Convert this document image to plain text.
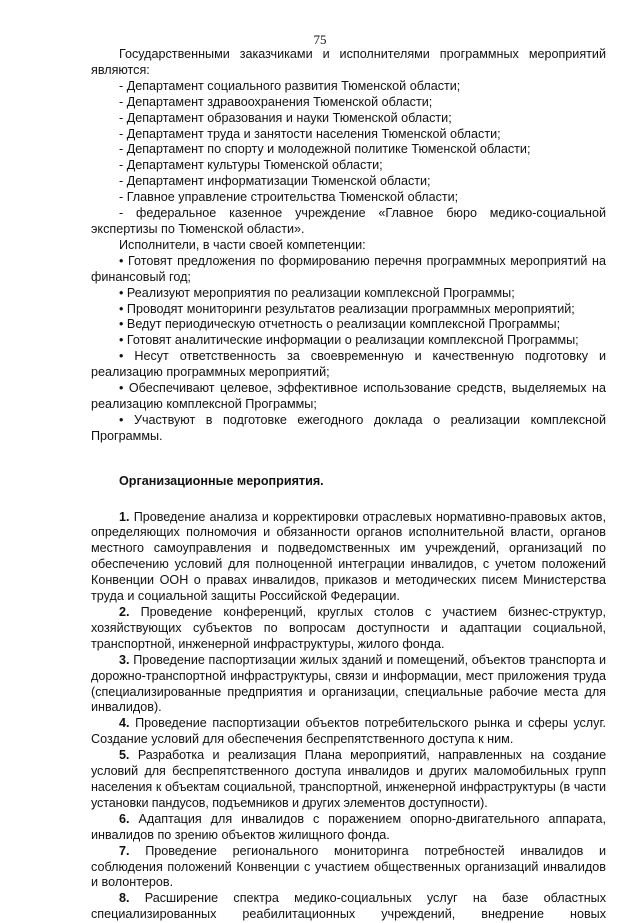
75

Государственными заказчиками и исполнителями программных мероприятий

являются:

- Департамент социального развития Тюменской области;

- Департамент здравоохранения Тюменской области;

- Департамент образования и науки Тюменской области;

- Департамент труда и занятости населения Тюменской области;

- Департамент по спорту и молодежной политике Тюменской области;

- Департамент культуры Тюменской области;

- Департамент информатизации Тюменской области;

- Главное управление строительства Тюменской области;

- федеральное казенное учреждение «Главное бюро медико-социальной экспертизы по Тюменской области».

Исполнители, в части своей компетенции:

• Готовят предложения по формированию перечня программных мероприятий на финансовый год;

• Реализуют мероприятия по реализации комплексной Программы;

• Проводят мониторинги результатов реализации программных мероприятий;

• Ведут периодическую отчетность о реализации комплексной Программы;

• Готовят аналитические информации о реализации комплексной Программы;

• Несут ответственность за своевременную и качественную подготовку и реализацию программных мероприятий;

• Обеспечивают целевое, эффективное использование средств, выделяемых на реализацию комплексной Программы;

• Участвуют в подготовке ежегодного доклада о реализации комплексной Программы.

Организационные мероприятия.

1. Проведение анализа и корректировки отраслевых нормативно-правовых актов, определяющих полномочия и обязанности органов исполнительной власти, органов местного самоуправления и подведомственных им учреждений, организаций по обеспечению условий для полноценной интеграции инвалидов, с учетом положений Конвенции ООН о правах инвалидов, приказов и методических писем Министерства труда и социальной защиты Российской Федерации.

2. Проведение конференций, круглых столов с участием бизнес-структур, хозяйствующих субъектов по вопросам доступности и адаптации социальной, транспортной, инженерной инфраструктуры, жилого фонда.

3. Проведение паспортизации жилых зданий и помещений, объектов транспорта и дорожно-транспортной инфраструктуры, связи и информации, мест приложения труда (специализированные предприятия и организации, специальные рабочие места для инвалидов).

4. Проведение паспортизации объектов потребительского рынка и сферы услуг. Создание условий для обеспечения беспрепятственного доступа к ним.

5. Разработка и реализация Плана мероприятий, направленных на создание условий для беспрепятственного доступа инвалидов и других маломобильных групп населения к объектам социальной, транспортной, инженерной инфраструктуры (в части установки пандусов, подъемников и других элементов доступности).

6. Адаптация для инвалидов с поражением опорно-двигательного аппарата, инвалидов по зрению объектов жилищного фонда.

7. Проведение регионального мониторинга потребностей инвалидов и соблюдения положений Конвенции с участием общественных организаций инвалидов и волонтеров.

8. Расширение спектра медико-социальных услуг на базе областных специализированных реабилитационных учреждений, внедрение новых
